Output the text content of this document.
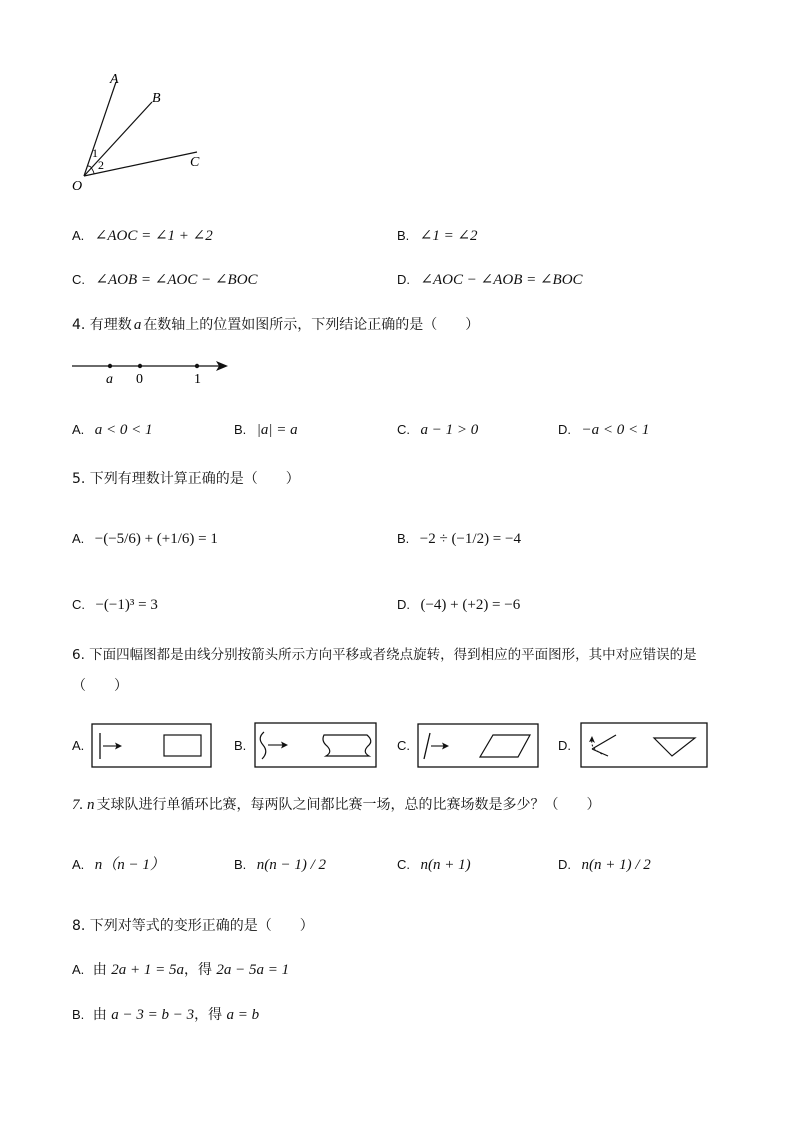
A
B
C
O
1
2
A. ∠AOC = ∠1 + ∠2	B. ∠1 = ∠2
C. ∠AOB = ∠AOC − ∠BOC	D. ∠AOC − ∠AOB = ∠BOC
4. 有理数 a 在数轴上的位置如图所示，下列结论正确的是（　　）
a 0	1
A. a < 0 < 1	B. |a| = a	C. a − 1 > 0	D. −a < 0 < 1
5. 下列有理数计算正确的是（　　）
A. −(−5/6) + (+1/6) = 1	B. −2 ÷ (−1/2) = −4
C. −(−1)³ = 3	D. (−4) + (+2) = −6
6. 下面四幅图都是由线分别按箭头所示方向平移或者绕点旋转，得到相应的平面图形，其中对应错误的是
（　　）
A.	B.	C.	D.
7. n 支球队进行单循环比赛，每两队之间都比赛一场，总的比赛场数是多少？（　　）
A. n（n − 1）	B. n(n − 1) / 2	C. n(n + 1)	D. n(n + 1) / 2
8. 下列对等式的变形正确的是（　　）
A. 由 2a + 1 = 5a，得 2a − 5a = 1
B. 由 a − 3 = b − 3，得 a = b
